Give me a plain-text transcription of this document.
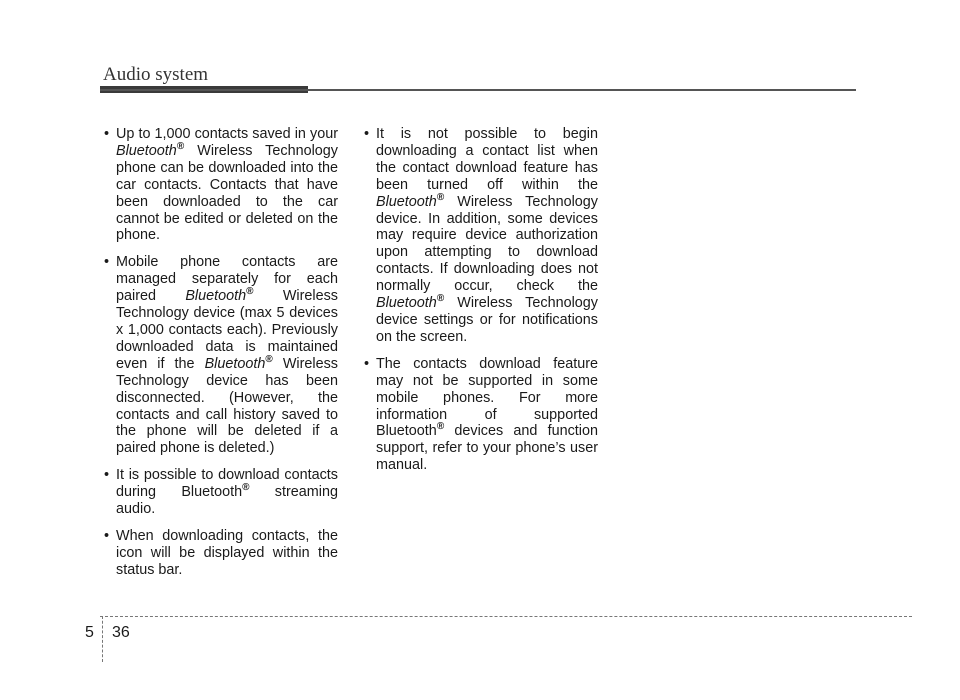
Audio system

• Up to 1,000 contacts saved in your Bluetooth® Wireless Technology phone can be downloaded into the car contacts. Contacts that have been downloaded to the car cannot be edited or deleted on the phone.

• Mobile phone contacts are managed separately for each paired Bluetooth® Wireless Technology device (max 5 devices x 1,000 contacts each). Previously downloaded data is maintained even if the Bluetooth® Wireless Technology device has been disconnected. (However, the contacts and call history saved to the phone will be deleted if a paired phone is deleted.)

• It is possible to download contacts during Bluetooth® streaming audio.

• When downloading contacts, the icon will be displayed within the status bar.

• It is not possible to begin downloading a contact list when the contact download feature has been turned off within the Bluetooth® Wireless Technology device. In addition, some devices may require device authorization upon attempting to download contacts. If downloading does not normally occur, check the Bluetooth® Wireless Technology device settings or for notifications on the screen.

• The contacts download feature may not be supported in some mobile phones. For more information of supported Bluetooth® devices and function support, refer to your phone’s user manual.

5 36
